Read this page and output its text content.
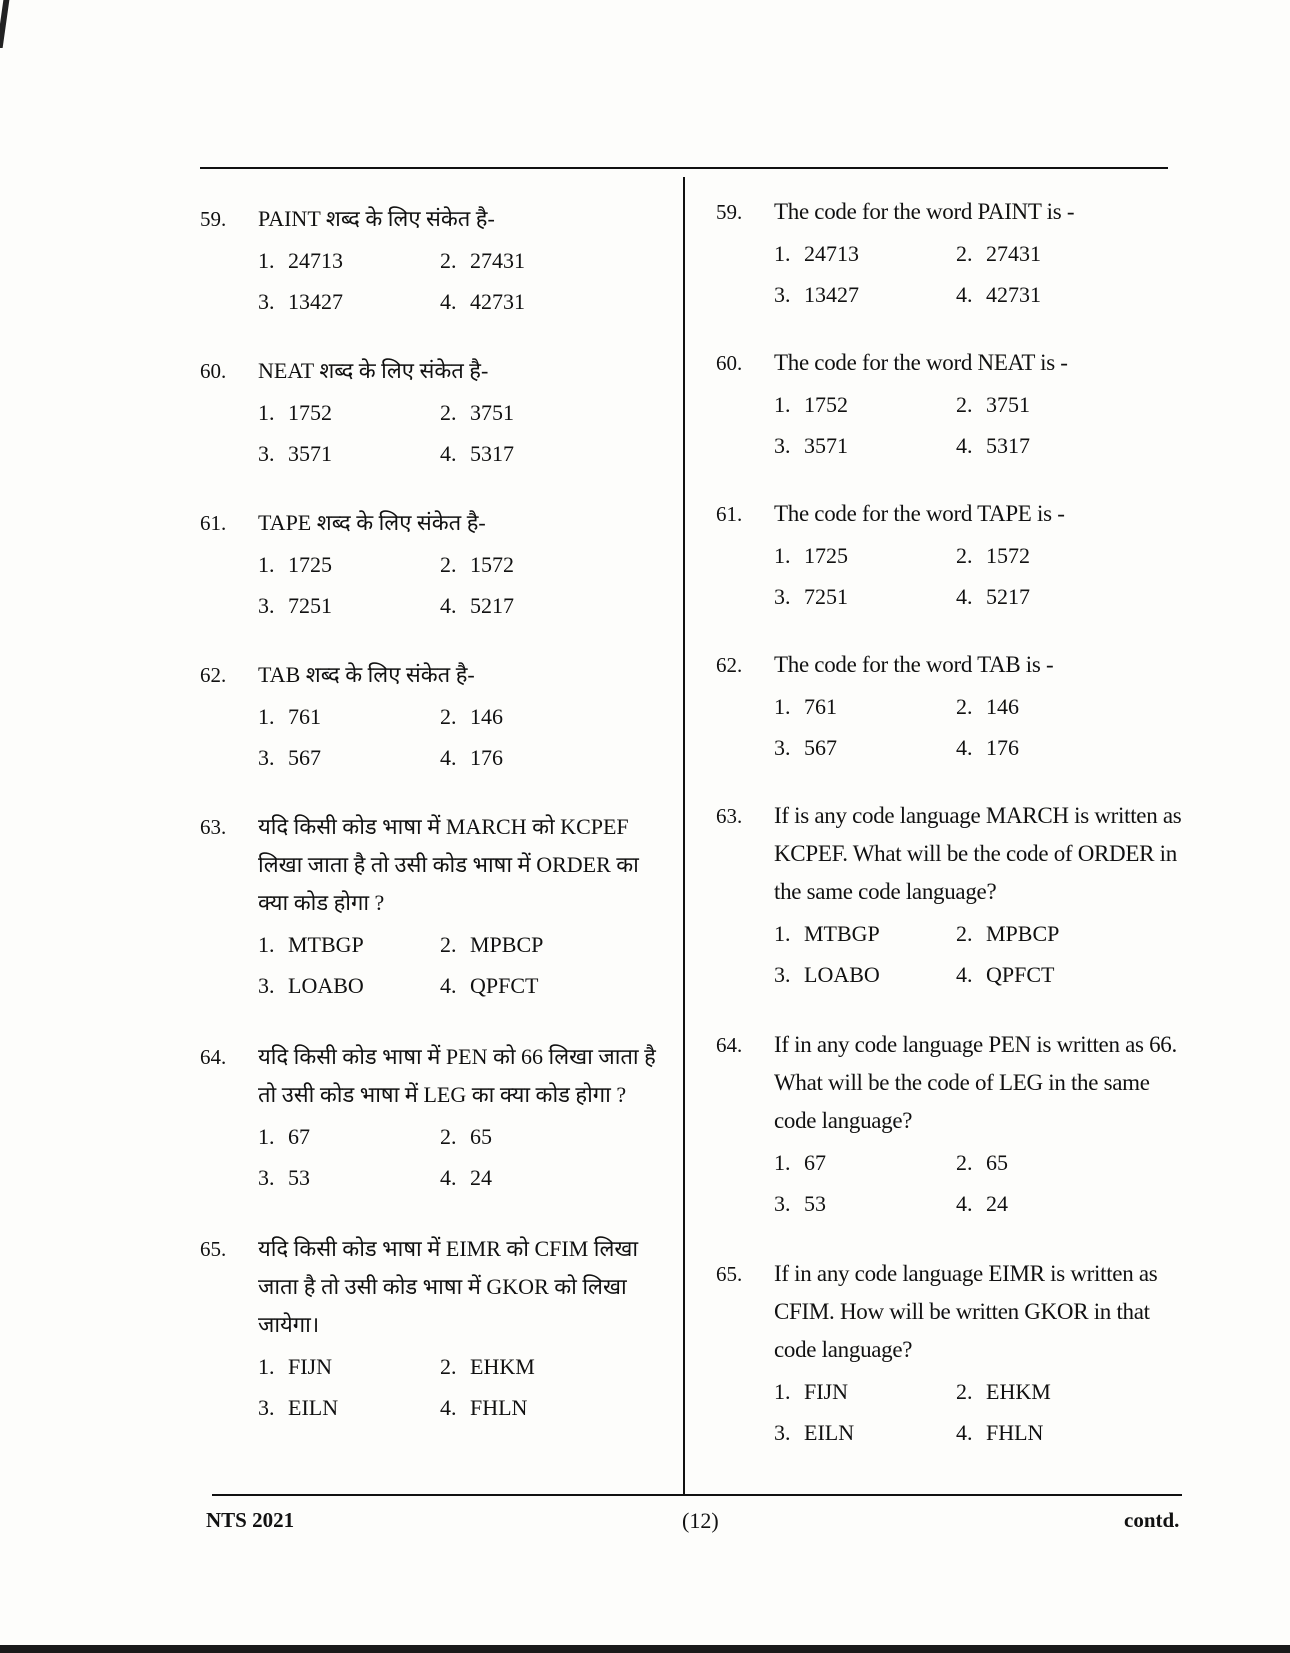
59. PAINT शब्द के लिए संकेत है-
1. 24713	2. 27431
3. 13427	4. 42731
60. NEAT शब्द के लिए संकेत है-
1. 1752	2. 3751
3. 3571	4. 5317
61. TAPE शब्द के लिए संकेत है-
1. 1725	2. 1572
3. 7251	4. 5217
62. TAB शब्द के लिए संकेत है-
1. 761	2. 146
3. 567	4. 176
63. यदि किसी कोड भाषा में MARCH को KCPEF लिखा जाता है तो उसी कोड भाषा में ORDER का क्या कोड होगा ?
1. MTBGP	2. MPBCP
3. LOABO	4. QPFCT
64. यदि किसी कोड भाषा में PEN को 66 लिखा जाता है तो उसी कोड भाषा में LEG का क्या कोड होगा ?
1. 67	2. 65
3. 53	4. 24
65. यदि किसी कोड भाषा में EIMR को CFIM लिखा जाता है तो उसी कोड भाषा में GKOR को लिखा जायेगा।
1. FIJN	2. EHKM
3. EILN	4. FHLN
59. The code for the word PAINT is -
1. 24713	2. 27431
3. 13427	4. 42731
60. The code for the word NEAT is -
1. 1752	2. 3751
3. 3571	4. 5317
61. The code for the word TAPE is -
1. 1725	2. 1572
3. 7251	4. 5217
62. The code for the word TAB is -
1. 761	2. 146
3. 567	4. 176
63. If is any code language MARCH is written as KCPEF. What will be the code of ORDER in the same code language?
1. MTBGP	2. MPBCP
3. LOABO	4. QPFCT
64. If in any code language PEN is written as 66. What will be the code of LEG in the same code language?
1. 67	2. 65
3. 53	4. 24
65. If in any code language EIMR is written as CFIM. How will be written GKOR in that code language?
1. FIJN	2. EHKM
3. EILN	4. FHLN
NTS 2021	(12)	contd.
